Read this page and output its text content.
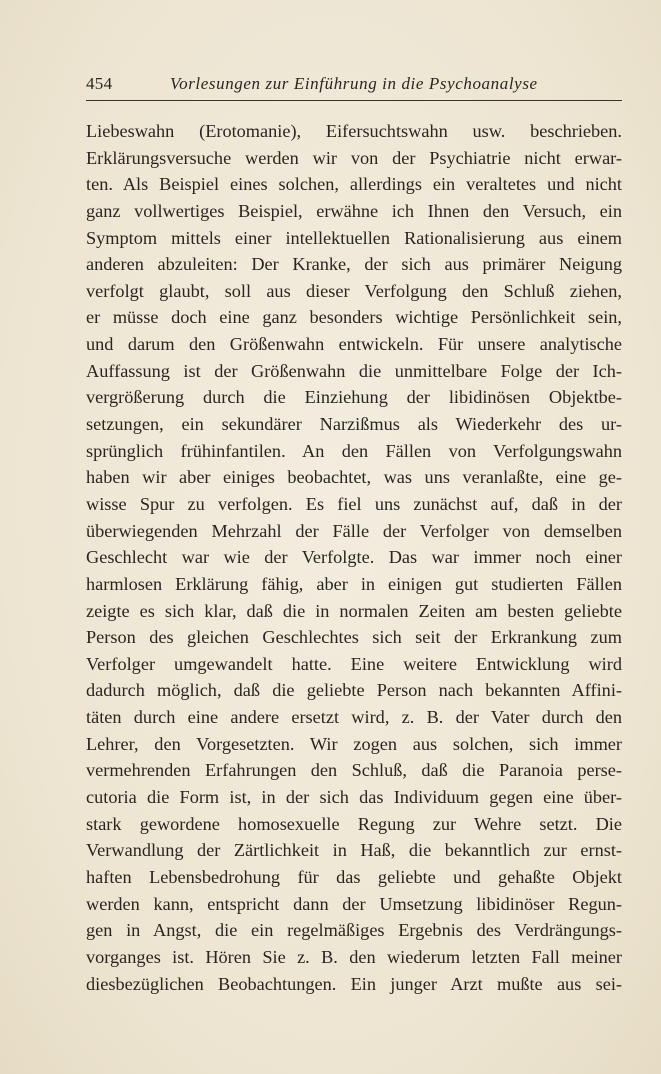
454	Vorlesungen zur Einführung in die Psychoanalyse
Liebeswahn (Erotomanie), Eifersuchtswahn usw. beschrieben.
Erklärungsversuche werden wir von der Psychiatrie nicht erwar-
ten. Als Beispiel eines solchen, allerdings ein veraltetes und nicht
ganz vollwertiges Beispiel, erwähne ich Ihnen den Versuch, ein
Symptom mittels einer intellektuellen Rationalisierung aus einem
anderen abzuleiten: Der Kranke, der sich aus primärer Neigung
verfolgt glaubt, soll aus dieser Verfolgung den Schluß ziehen,
er müsse doch eine ganz besonders wichtige Persönlichkeit sein,
und darum den Größenwahn entwickeln. Für unsere analytische
Auffassung ist der Größenwahn die unmittelbare Folge der Ich-
vergrößerung durch die Einziehung der libidinösen Objektbe-
setzungen, ein sekundärer Narzißmus als Wiederkehr des ur-
sprünglich frühinfantilen. An den Fällen von Verfolgungswahn
haben wir aber einiges beobachtet, was uns veranlaßte, eine ge-
wisse Spur zu verfolgen. Es fiel uns zunächst auf, daß in der
überwiegenden Mehrzahl der Fälle der Verfolger von demselben
Geschlecht war wie der Verfolgte. Das war immer noch einer
harmlosen Erklärung fähig, aber in einigen gut studierten Fällen
zeigte es sich klar, daß die in normalen Zeiten am besten geliebte
Person des gleichen Geschlechtes sich seit der Erkrankung zum
Verfolger umgewandelt hatte. Eine weitere Entwicklung wird
dadurch möglich, daß die geliebte Person nach bekannten Affini-
täten durch eine andere ersetzt wird, z. B. der Vater durch den
Lehrer, den Vorgesetzten. Wir zogen aus solchen, sich immer
vermehrenden Erfahrungen den Schluß, daß die Paranoia perse-
cutoria die Form ist, in der sich das Individuum gegen eine über-
stark gewordene homosexuelle Regung zur Wehre setzt. Die
Verwandlung der Zärtlichkeit in Haß, die bekanntlich zur ernst-
haften Lebensbedrohung für das geliebte und gehaßte Objekt
werden kann, entspricht dann der Umsetzung libidinöser Regun-
gen in Angst, die ein regelmäßiges Ergebnis des Verdrängungs-
vorganges ist. Hören Sie z. B. den wiederum letzten Fall meiner
diesbezüglichen Beobachtungen. Ein junger Arzt mußte aus sei-
